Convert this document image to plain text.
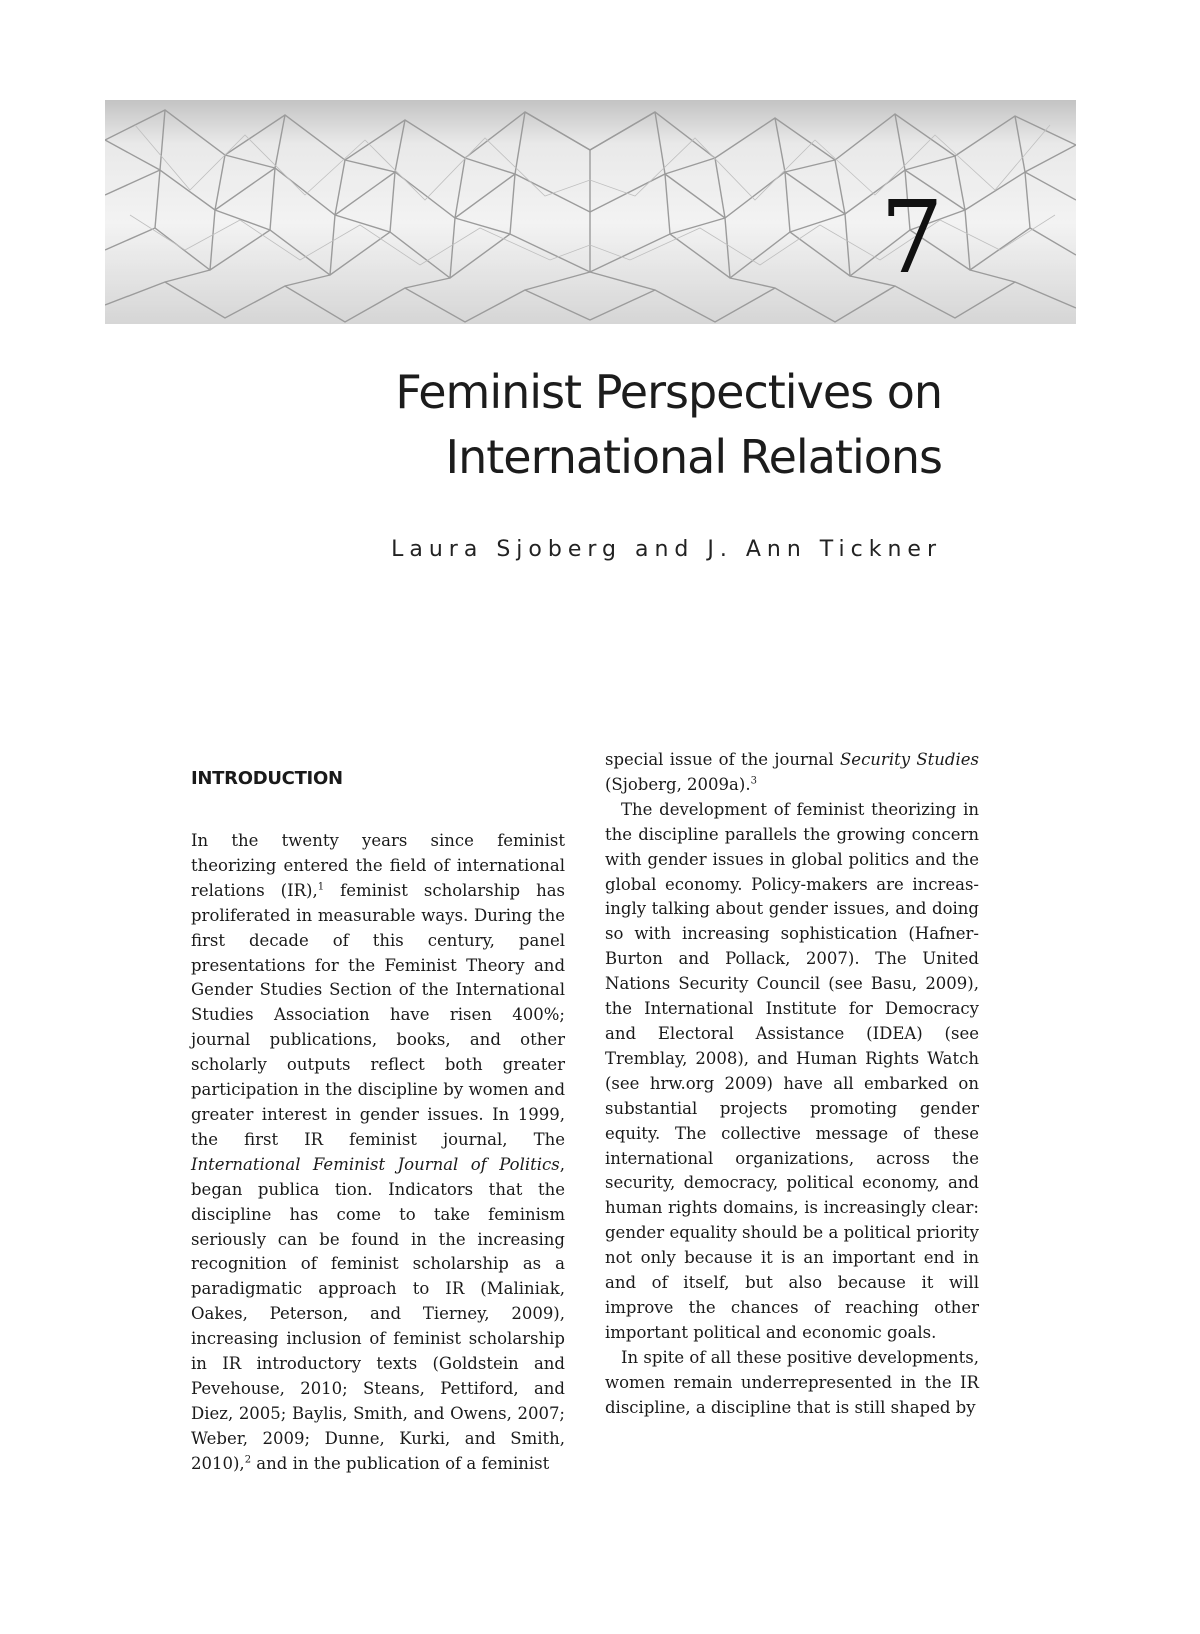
7
Feminist Perspectives on
International Relations
Laura Sjoberg and J. Ann Tickner
INTRODUCTION

In the twenty years since feminist theorizing entered the field of international relations (IR),$^1$ feminist scholarship has proliferated in measurable ways. During the first decade of this century, panel presentations for the Feminist Theory and Gender Studies Section of the International Studies Association have risen 400%; journal publications, books, and other scholarly outputs reflect both greater participation in the discipline by women and greater interest in gender issues. In 1999, the first IR feminist journal, The International Feminist Journal of Politics, began publica tion. Indicators that the discipline has come to take feminism seriously can be found in the increasing recognition of feminist scholarship as a paradigmatic approach to IR (Maliniak, Oakes, Peterson, and Tierney, 2009), increasing inclusion of feminist scholarship in IR introductory texts (Goldstein and Pevehouse, 2010; Steans, Pettiford, and Diez, 2005; Baylis, Smith, and Owens, 2007; Weber, 2009; Dunne, Kurki, and Smith, 2010),$^2$ and in the publication of a feminist

special issue of the journal Security Studies (Sjoberg, 2009a).$^3$

The development of feminist theorizing in the discipline parallels the growing concern with gender issues in global politics and the global economy. Policy-makers are increasingly talking about gender issues, and doing so with increasing sophistication (Hafner-Burton and Pollack, 2007). The United Nations Security Council (see Basu, 2009), the International Institute for Democracy and Electoral Assistance (IDEA) (see Tremblay, 2008), and Human Rights Watch (see hrw.​org 2009) have all embarked on substantial projects promoting gender equity. The collective message of these international organizations, across the security, democracy, political economy, and human rights domains, is increasingly clear: gender equality should be a political priority not only because it is an important end in and of itself, but also because it will improve the chances of reaching other important political and economic goals.

In spite of all these positive developments, women remain underrepresented in the IR discipline, a discipline that is still shaped by
